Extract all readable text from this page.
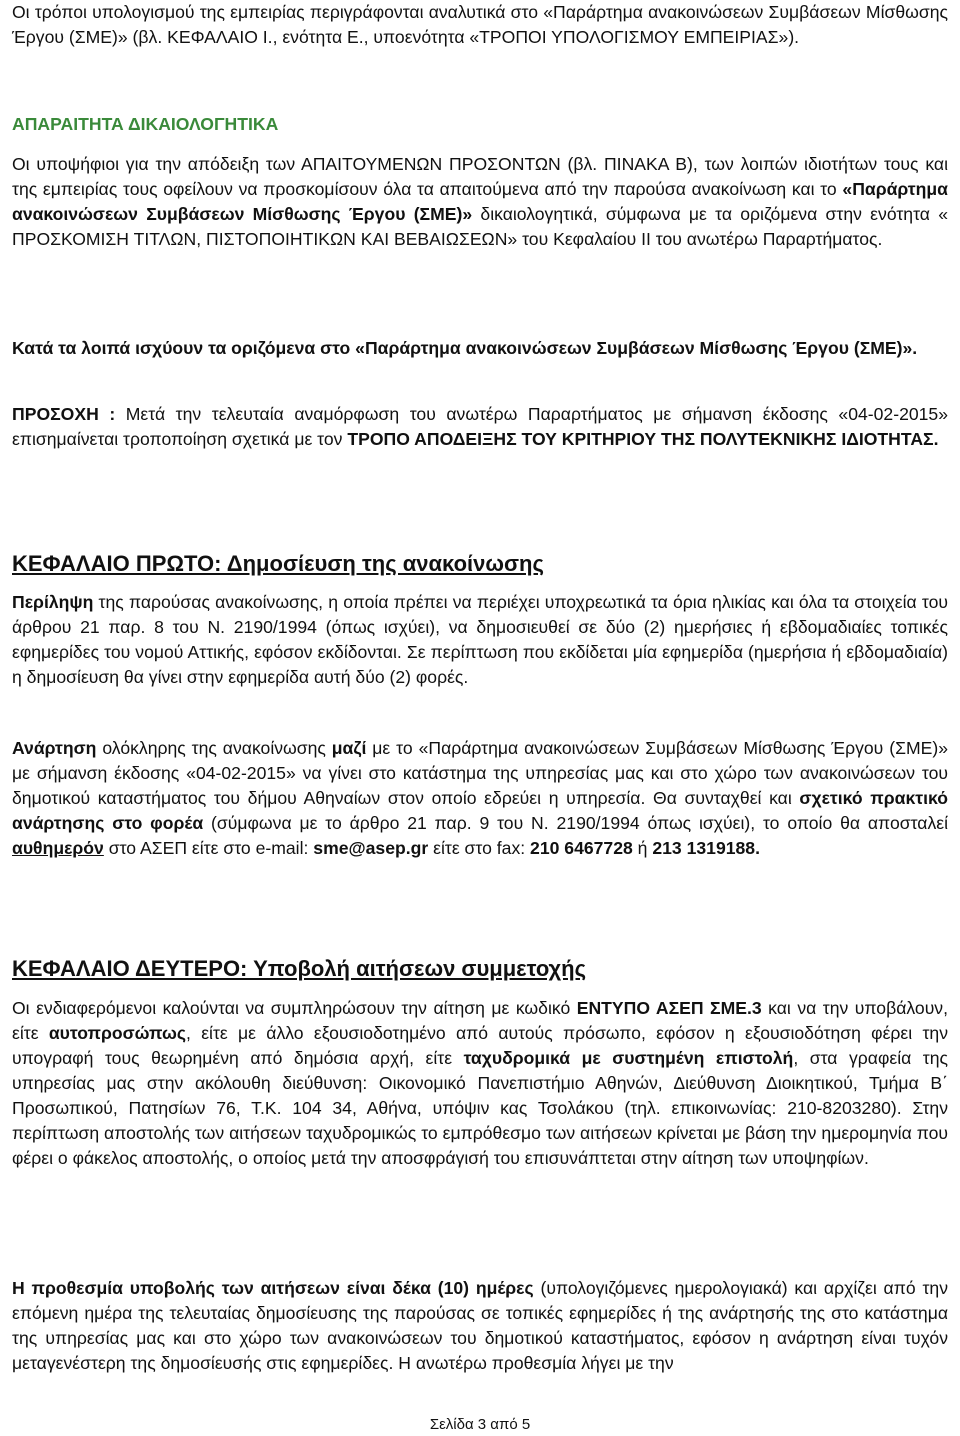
Οι τρόποι υπολογισμού της εμπειρίας περιγράφονται αναλυτικά στο «Παράρτημα ανακοινώσεων Συμβάσεων Μίσθωσης Έργου (ΣΜΕ)» (βλ. ΚΕΦΑΛΑΙΟ Ι., ενότητα Ε., υποενότητα «ΤΡΟΠΟΙ ΥΠΟΛΟΓΙΣΜΟΥ ΕΜΠΕΙΡΙΑΣ»).

ΑΠΑΡΑΙΤΗΤΑ ΔΙΚΑΙΟΛΟΓΗΤΙΚΑ

Οι υποψήφιοι για την απόδειξη των ΑΠΑΙΤΟΥΜΕΝΩΝ ΠΡΟΣΟΝΤΩΝ (βλ. ΠΙΝΑΚΑ Β), των λοιπών ιδιοτήτων τους και της εμπειρίας τους οφείλουν να προσκομίσουν όλα τα απαιτούμενα από την παρούσα ανακοίνωση και το «Παράρτημα ανακοινώσεων Συμβάσεων Μίσθωσης Έργου (ΣΜΕ)» δικαιολογητικά, σύμφωνα με τα οριζόμενα στην ενότητα « ΠΡΟΣΚΟΜΙΣΗ ΤΙΤΛΩΝ, ΠΙΣΤΟΠΟΙΗΤΙΚΩΝ ΚΑΙ ΒΕΒΑΙΩΣΕΩΝ» του Κεφαλαίου ΙΙ του ανωτέρω Παραρτήματος.

Κατά τα λοιπά ισχύουν τα οριζόμενα στο «Παράρτημα ανακοινώσεων Συμβάσεων Μίσθωσης Έργου (ΣΜΕ)».

ΠΡΟΣΟΧΗ : Μετά την τελευταία αναμόρφωση του ανωτέρω Παραρτήματος με σήμανση έκδοσης «04-02-2015» επισημαίνεται τροποποίηση σχετικά με τον ΤΡΟΠΟ ΑΠΟΔΕΙΞΗΣ ΤΟΥ ΚΡΙΤΗΡΙΟΥ ΤΗΣ ΠΟΛΥΤΕΚΝΙΚΗΣ ΙΔΙΟΤΗΤΑΣ.

ΚΕΦΑΛΑΙΟ ΠΡΩΤΟ: Δημοσίευση της ανακοίνωσης

Περίληψη της παρούσας ανακοίνωσης, η οποία πρέπει να περιέχει υποχρεωτικά τα όρια ηλικίας και όλα τα στοιχεία του άρθρου 21 παρ. 8 του Ν. 2190/1994 (όπως ισχύει), να δημοσιευθεί σε δύο (2) ημερήσιες ή εβδομαδιαίες τοπικές εφημερίδες του νομού Αττικής, εφόσον εκδίδονται. Σε περίπτωση που εκδίδεται μία εφημερίδα (ημερήσια ή εβδομαδιαία) η δημοσίευση θα γίνει στην εφημερίδα αυτή δύο (2) φορές.

Ανάρτηση ολόκληρης της ανακοίνωσης μαζί με το «Παράρτημα ανακοινώσεων Συμβάσεων Μίσθωσης Έργου (ΣΜΕ)» με σήμανση έκδοσης «04-02-2015» να γίνει στο κατάστημα της υπηρεσίας μας και στο χώρο των ανακοινώσεων του δημοτικού καταστήματος του δήμου Αθηναίων στον οποίο εδρεύει η υπηρεσία. Θα συνταχθεί και σχετικό πρακτικό ανάρτησης στο φορέα (σύμφωνα με το άρθρο 21 παρ. 9 του Ν. 2190/1994 όπως ισχύει), το οποίο θα αποσταλεί αυθημερόν στο ΑΣΕΠ είτε στο e-mail: sme@asep.gr είτε στο fax: 210 6467728 ή 213 1319188.

ΚΕΦΑΛΑΙΟ ΔΕΥΤΕΡΟ: Υποβολή αιτήσεων συμμετοχής

Οι ενδιαφερόμενοι καλούνται να συμπληρώσουν την αίτηση με κωδικό ΕΝΤΥΠΟ ΑΣΕΠ ΣΜΕ.3 και να την υποβάλουν, είτε αυτοπροσώπως, είτε με άλλο εξουσιοδοτημένο από αυτούς πρόσωπο, εφόσον η εξουσιοδότηση φέρει την υπογραφή τους θεωρημένη από δημόσια αρχή, είτε ταχυδρομικά με συστημένη επιστολή, στα γραφεία της υπηρεσίας μας στην ακόλουθη διεύθυνση: Οικονομικό Πανεπιστήμιο Αθηνών, Διεύθυνση Διοικητικού, Τμήμα Β΄ Προσωπικού, Πατησίων 76, Τ.Κ. 104 34, Αθήνα, υπόψιν κας Τσολάκου (τηλ. επικοινωνίας: 210-8203280). Στην περίπτωση αποστολής των αιτήσεων ταχυδρομικώς το εμπρόθεσμο των αιτήσεων κρίνεται με βάση την ημερομηνία που φέρει ο φάκελος αποστολής, ο οποίος μετά την αποσφράγισή του επισυνάπτεται στην αίτηση των υποψηφίων.

Η προθεσμία υποβολής των αιτήσεων είναι δέκα (10) ημέρες (υπολογιζόμενες ημερολογιακά) και αρχίζει από την επόμενη ημέρα της τελευταίας δημοσίευσης της παρούσας σε τοπικές εφημερίδες ή της ανάρτησής της στο κατάστημα της υπηρεσίας μας και στο χώρο των ανακοινώσεων του δημοτικού καταστήματος, εφόσον η ανάρτηση είναι τυχόν μεταγενέστερη της δημοσίευσής στις εφημερίδες. Η ανωτέρω προθεσμία λήγει με την

Σελίδα 3 από 5
